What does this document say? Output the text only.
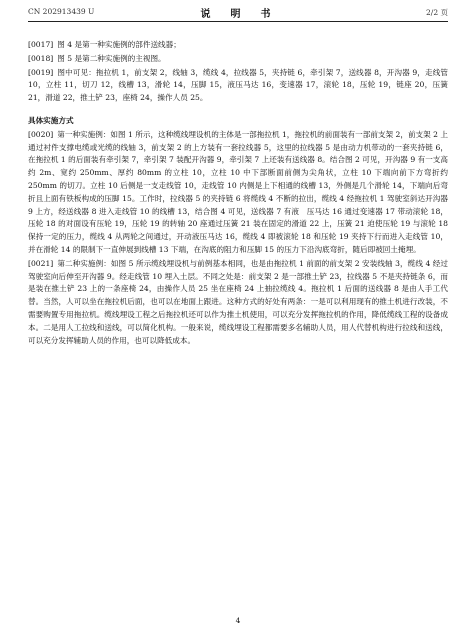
CN 202913439 U	说　明　书	2/2 页

[0017] 图 4 是第一种实施例的部件送线器；

[0018] 图 5 是第二种实施例的主视图。

[0019] 图中可见：拖拉机 1，前支架 2，线轴 3，缆线 4，拉线器 5，夹持链 6，牵引架 7，送线器 8，开沟器 9，走线管 10，立柱 11，切刀 12，线槽 13，滑轮 14，压脚 15，液压马达 16，变速器 17，滚轮 18，压轮 19，链座 20，压簧 21，滑道 22，推土铲 23，座椅 24，操作人员 25。

具体实施方式

[0020] 第一种实施例：如图 1 所示，这种缆线埋设机的主体是一部拖拉机 1，拖拉机的前面装有一部前支架 2，前支架 2 上通过衬件支撑电缆或光缆的线轴 3，前支架 2 的上方装有一套拉线器 5，这里的拉线器 5 是由动力机带动的一套夹持链 6，在拖拉机 1 的后面装有牵引架 7，牵引架 7 装配开沟器 9，牵引架 7 上还装有送线器 8。结合图 2 可见，开沟器 9 有一支高约 2m、宽约 250mm、厚约 80mm 的立柱 10，立柱 10 中下部断面前侧为尖角状，立柱 10 下端向前下方弯折约 250mm 的切刀。立柱 10 后侧是一支走线管 10，走线管 10 内侧是上下相通的线槽 13，外侧是几个滑轮 14，下端向后弯折且上面有铁板构成的压脚 15。工作时，拉线器 5 的夹持链 6 将缆线 4 不断的拉出，缆线 4 经拖拉机 1 驾驶室斜达开沟器 9 上方，经送线器 8 进入走线管 10 的线槽 13，结合图 4 可见，送线器 7 有液　压马达 16 通过变速器 17 带动滚轮 18，压轮 18 的对面设有压轮 19，压轮 19 的转轴 20 座通过压簧 21 装在固定的滑道 22 上，压簧 21 迫使压轮 19 与滚轮 18 保持一定的压力，缆线 4 从两轮之间通过，开动液压马达 16，缆线 4 即被滚轮 18 和压轮 19 夹持下行而进入走线管 10，并在滑轮 14 的限制下一直伸展到线槽 13 下端，在沟底的阻力和压脚 15 的压力下沿沟底弯折，随后即被回土掩埋。

[0021] 第二种实施例：如图 5 所示缆线埋设机与前例基本相同，也是由拖拉机 1 前面的前支架 2 安装线轴 3，缆线 4 经过驾驶室向后伸至开沟器 9。经走线管 10 埋入土层。不同之处是：前支架 2 是一部推土铲 23，拉线器 5 不是夹持链条 6，而是装在推土铲 23 上的一条座椅 24，由操作人员 25 坐在座椅 24 上抽拉缆线 4。拖拉机 1 后面的送线器 8 是由人手工代替。当然，人可以坐在拖拉机后面，也可以在地面上跟进。这种方式的好处有两条：一是可以利用现有的推土机进行改装，不需要购置专用拖拉机。缆线埋设工程之后拖拉机还可以作为推土机使用，可以充分发挥拖拉机的作用，降低缆线工程的设备成本。二是用人工拉线和送线，可以简化机构。一般来说，缆线埋设工程都需要多名辅助人员，用人代替机构进行拉线和送线，可以充分发挥辅助人员的作用，也可以降低成本。

4
